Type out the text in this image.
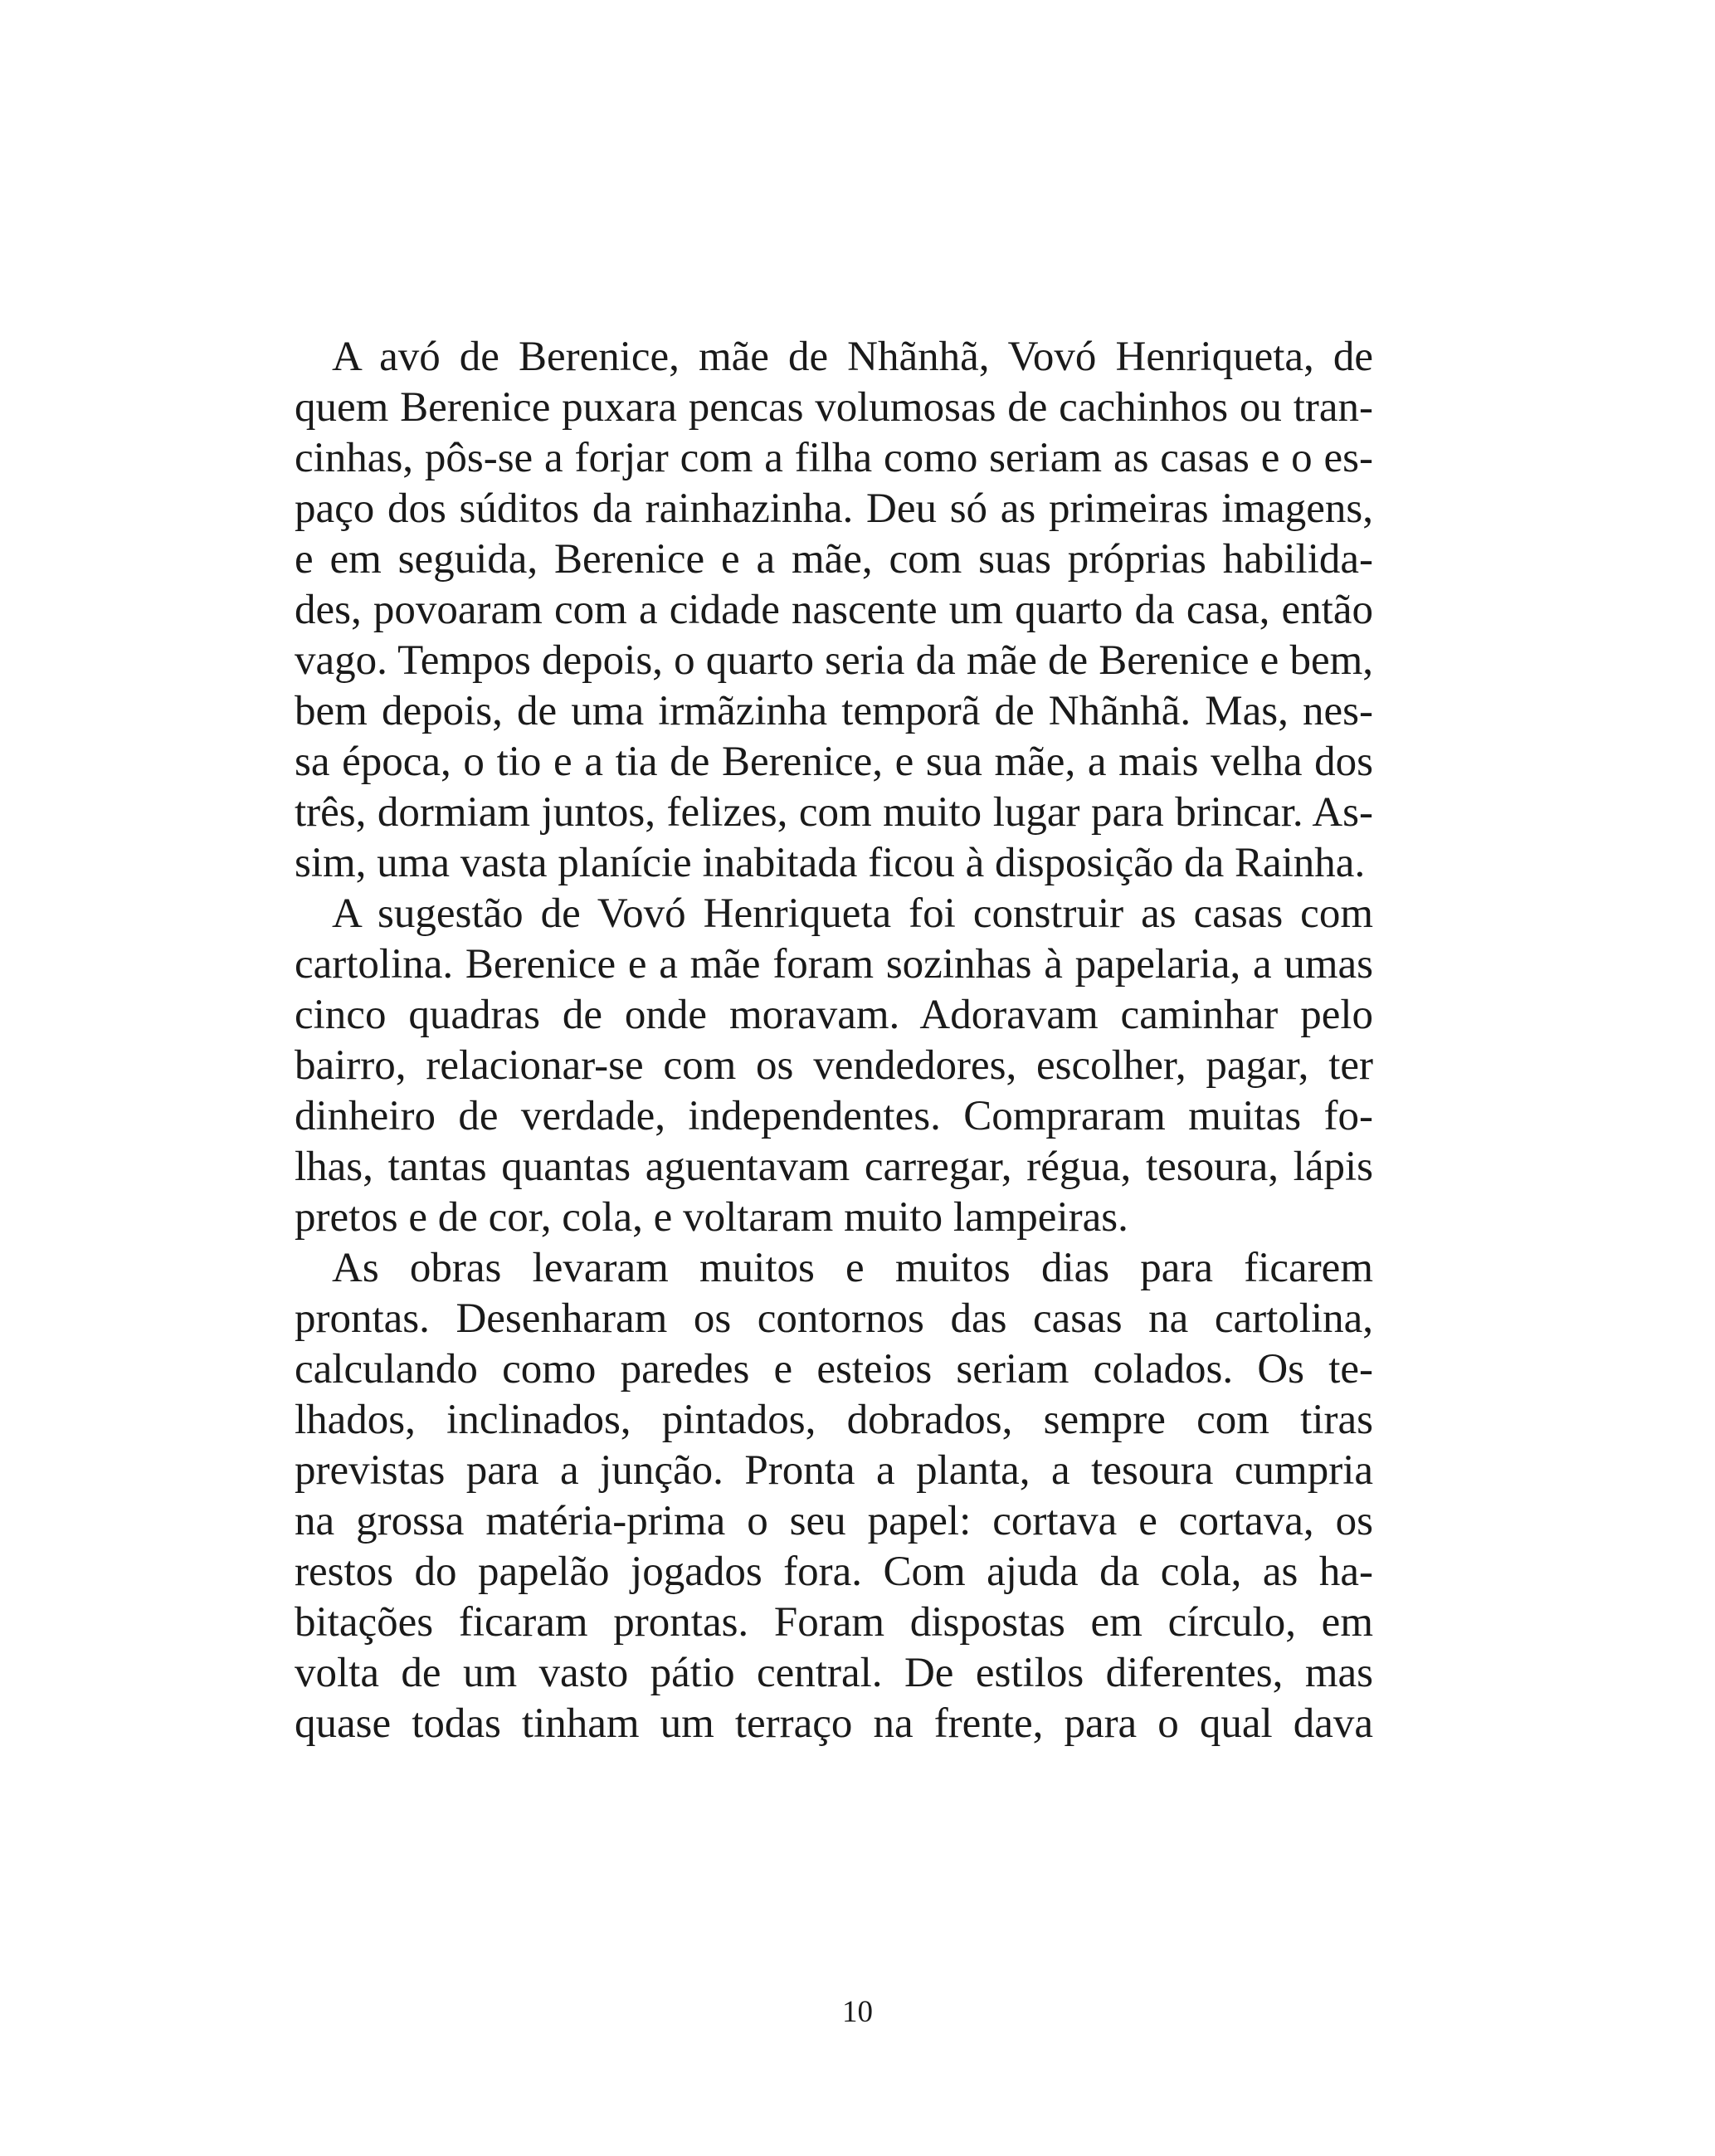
A avó de Berenice, mãe de Nhãnhã, Vovó Henriqueta, de
quem Berenice puxara pencas volumosas de cachinhos ou tran-
cinhas, pôs-se a forjar com a filha como seriam as casas e o es-
paço dos súditos da rainhazinha. Deu só as primeiras imagens,
e em seguida, Berenice e a mãe, com suas próprias habilida-
des, povoaram com a cidade nascente um quarto da casa, então
vago. Tempos depois, o quarto seria da mãe de Berenice e bem,
bem depois, de uma irmãzinha temporã de Nhãnhã. Mas, nes-
sa época, o tio e a tia de Berenice, e sua mãe, a mais velha dos
três, dormiam juntos, felizes, com muito lugar para brincar. As-
sim, uma vasta planície inabitada ficou à disposição da Rainha.

A sugestão de Vovó Henriqueta foi construir as casas com
cartolina. Berenice e a mãe foram sozinhas à papelaria, a umas
cinco quadras de onde moravam. Adoravam caminhar pelo
bairro, relacionar-se com os vendedores, escolher, pagar, ter
dinheiro de verdade, independentes. Compraram muitas fo-
lhas, tantas quantas aguentavam carregar, régua, tesoura, lápis
pretos e de cor, cola, e voltaram muito lampeiras.

As obras levaram muitos e muitos dias para ficarem
prontas. Desenharam os contornos das casas na cartolina,
calculando como paredes e esteios seriam colados. Os te-
lhados, inclinados, pintados, dobrados, sempre com tiras
previstas para a junção. Pronta a planta, a tesoura cumpria
na grossa matéria-prima o seu papel: cortava e cortava, os
restos do papelão jogados fora. Com ajuda da cola, as ha-
bitações ficaram prontas. Foram dispostas em círculo, em
volta de um vasto pátio central. De estilos diferentes, mas
quase todas tinham um terraço na frente, para o qual dava

10
